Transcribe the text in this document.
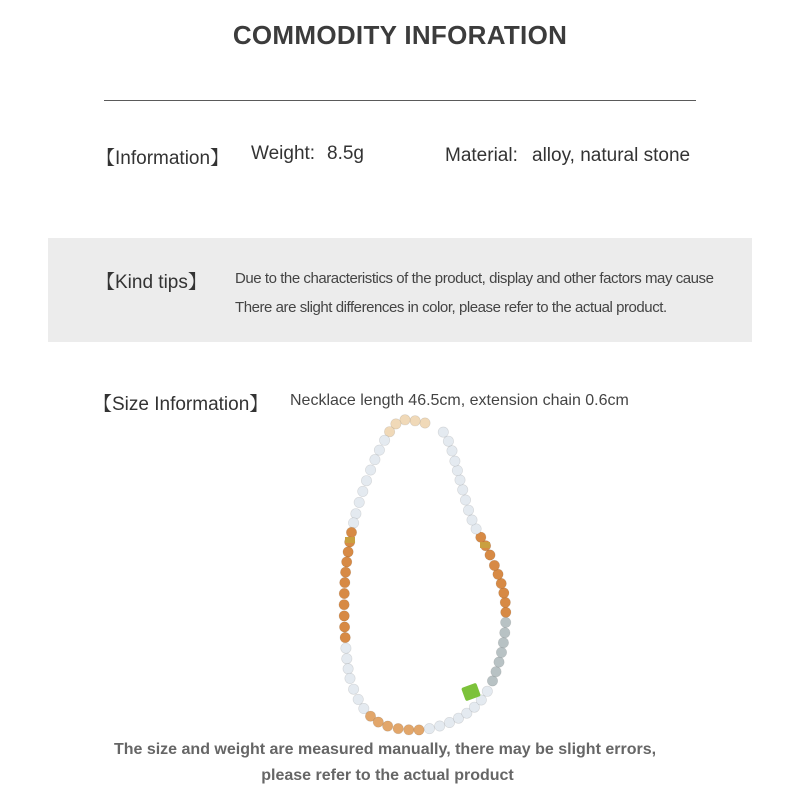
COMMODITY INFORATION
【Information】 Weight: 8.5g	Material: alloy, natural stone
【Kind tips】 Due to the characteristics of the product, display and other factors may cause
There are slight differences in color, please refer to the actual product.
【Size Information】 Necklace length 46.5cm, extension chain 0.6cm
The size and weight are measured manually, there may be slight errors,
please refer to the actual product
